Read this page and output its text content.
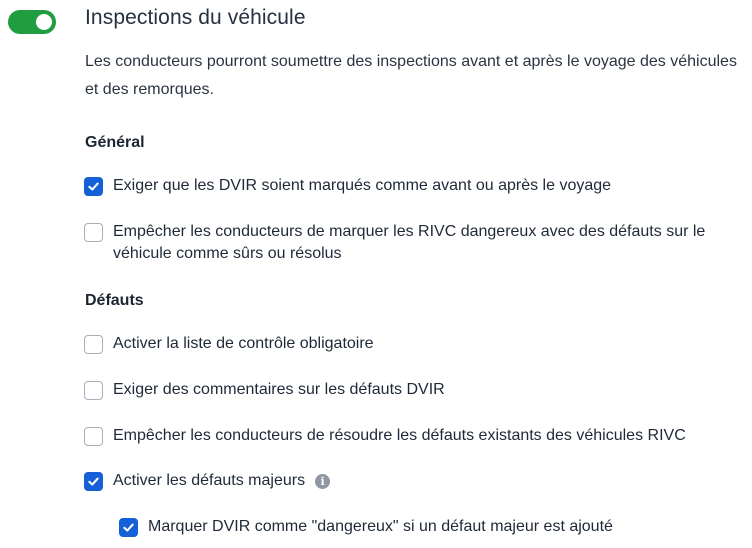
Inspections du véhicule
Les conducteurs pourront soumettre des inspections avant et après le voyage des véhicules et des remorques.
Général
Exiger que les DVIR soient marqués comme avant ou après le voyage
Empêcher les conducteurs de marquer les RIVC dangereux avec des défauts sur le
véhicule comme sûrs ou résolus
Défauts
Activer la liste de contrôle obligatoire
Exiger des commentaires sur les défauts DVIR
Empêcher les conducteurs de résoudre les défauts existants des véhicules RIVC
Activer les défauts majeurs	i
Marquer DVIR comme "dangereux" si un défaut majeur est ajouté
